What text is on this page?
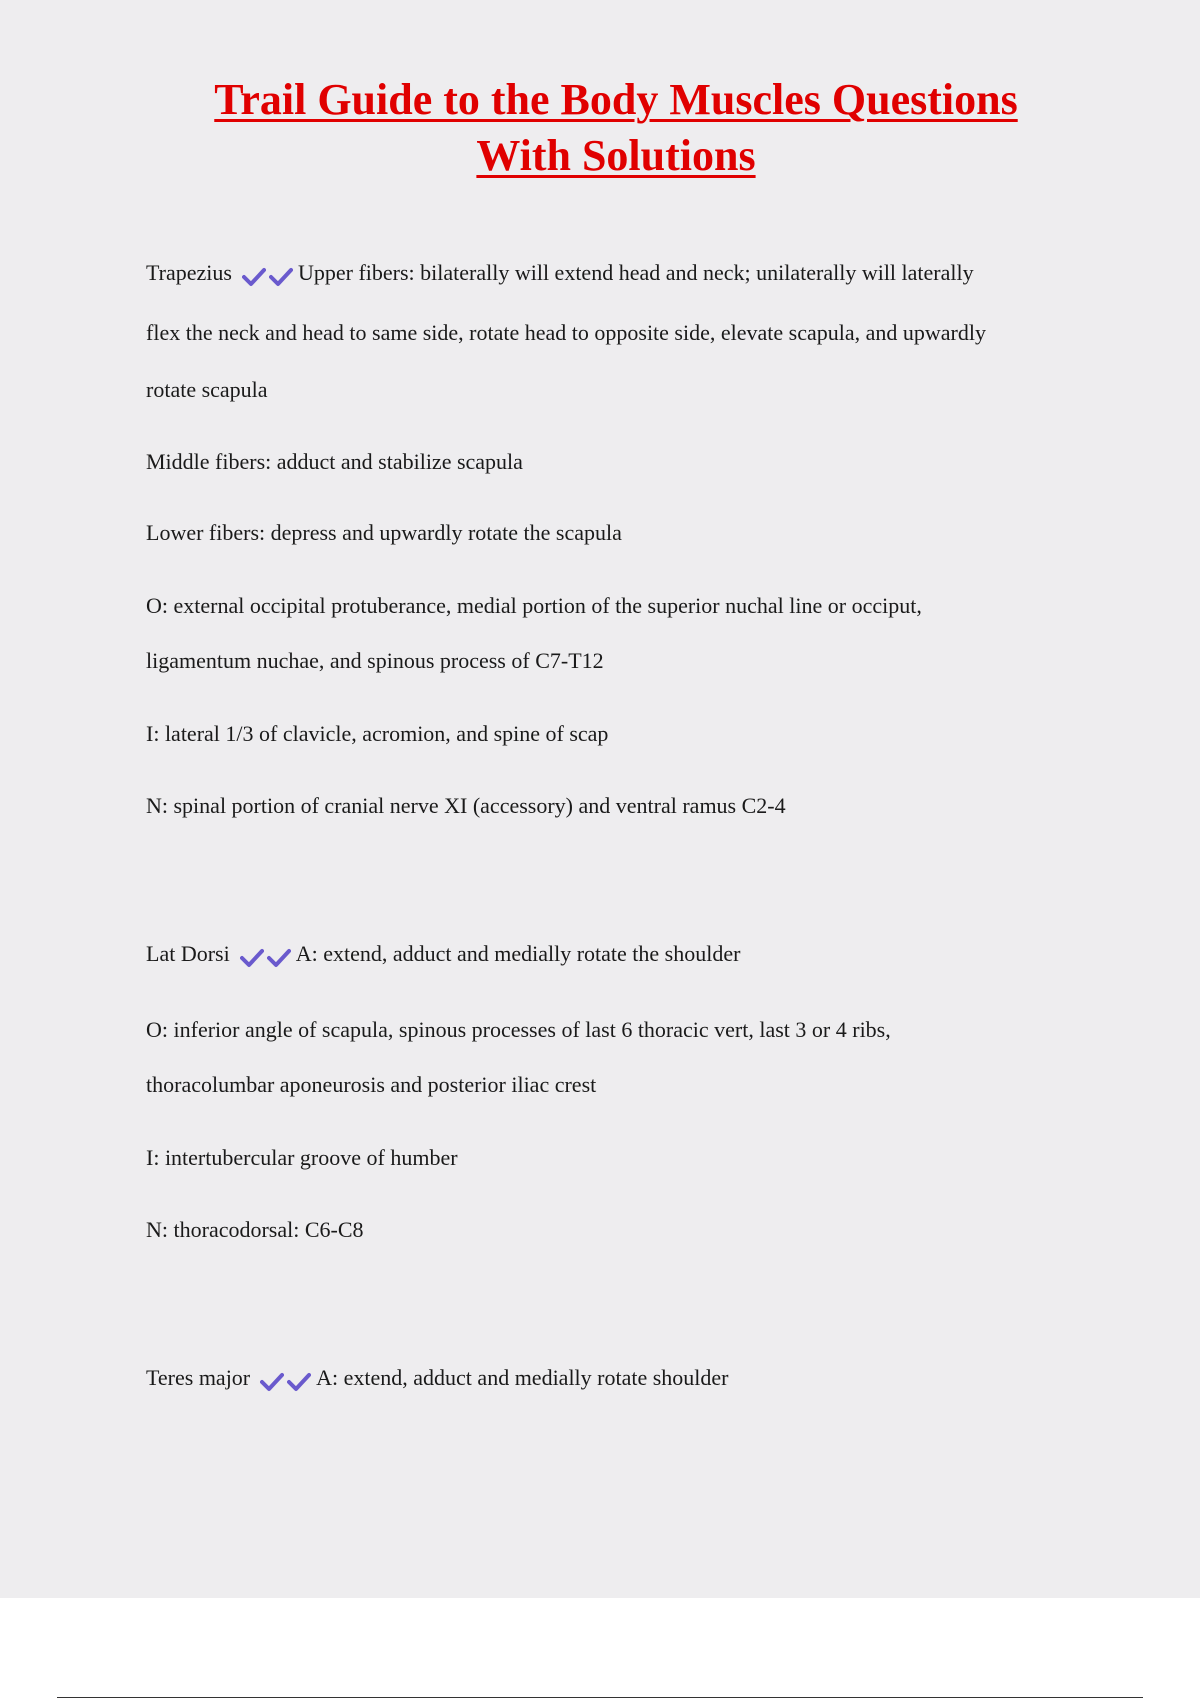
Trail Guide to the Body Muscles Questions
With Solutions

Trapezius	Upper fibers: bilaterally will extend head and neck; unilaterally will laterally

flex the neck and head to same side, rotate head to opposite side, elevate scapula, and upwardly

rotate scapula

Middle fibers: adduct and stabilize scapula

Lower fibers: depress and upwardly rotate the scapula

O: external occipital protuberance, medial portion of the superior nuchal line or occiput,

ligamentum nuchae, and spinous process of C7-T12

I: lateral 1/3 of clavicle, acromion, and spine of scap

N: spinal portion of cranial nerve XI (accessory) and ventral ramus C2-4

Lat Dorsi	A: extend, adduct and medially rotate the shoulder

O: inferior angle of scapula, spinous processes of last 6 thoracic vert, last 3 or 4 ribs,

thoracolumbar aponeurosis and posterior iliac crest

I: intertubercular groove of humber

N: thoracodorsal: C6-C8

Teres major	A: extend, adduct and medially rotate shoulder
